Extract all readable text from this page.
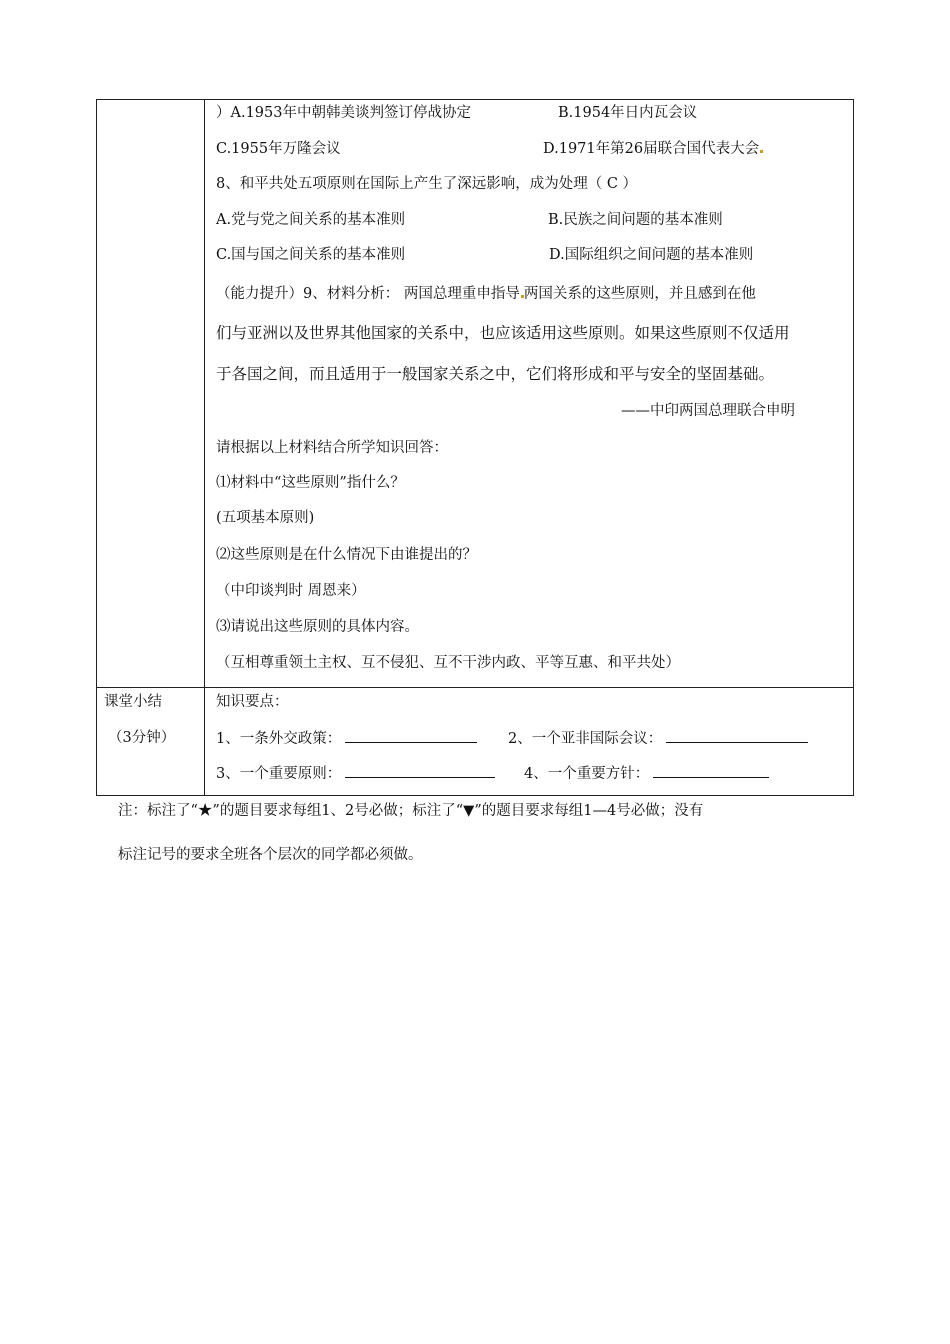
）A.1953年中朝韩美谈判签订停战协定	B.1954年日内瓦会议
C.1955年万隆会议	D.1971年第26届联合国代表大会
8、和平共处五项原则在国际上产生了深远影响，成为处理（ C ）
A.党与党之间关系的基本准则	B.民族之间问题的基本准则
C.国与国之间关系的基本准则	D.国际组织之间问题的基本准则
（能力提升）9、材料分析： 两国总理重申指导 两国关系的这些原则，并且感到在他
们与亚洲以及世界其他国家的关系中，也应该适用这些原则。如果这些原则不仅适用
于各国之间，而且适用于一般国家关系之中，它们将形成和平与安全的坚固基础。
——中印两国总理联合申明
请根据以上材料结合所学知识回答：
⑴材料中“这些原则”指什么？
(五项基本原则)
⑵这些原则是在什么情况下由谁提出的？
（中印谈判时 周恩来）
⑶请说出这些原则的具体内容。
（互相尊重领土主权、互不侵犯、互不干涉内政、平等互惠、和平共处）
课堂小结
（3分钟）
知识要点：
1、一条外交政策：	2、一个亚非国际会议：
3、一个重要原则：	4、一个重要方针：
注：标注了“★”的题目要求每组1、2号必做；标注了“▼”的题目要求每组1—4号必做；没有
标注记号的要求全班各个层次的同学都必须做。
